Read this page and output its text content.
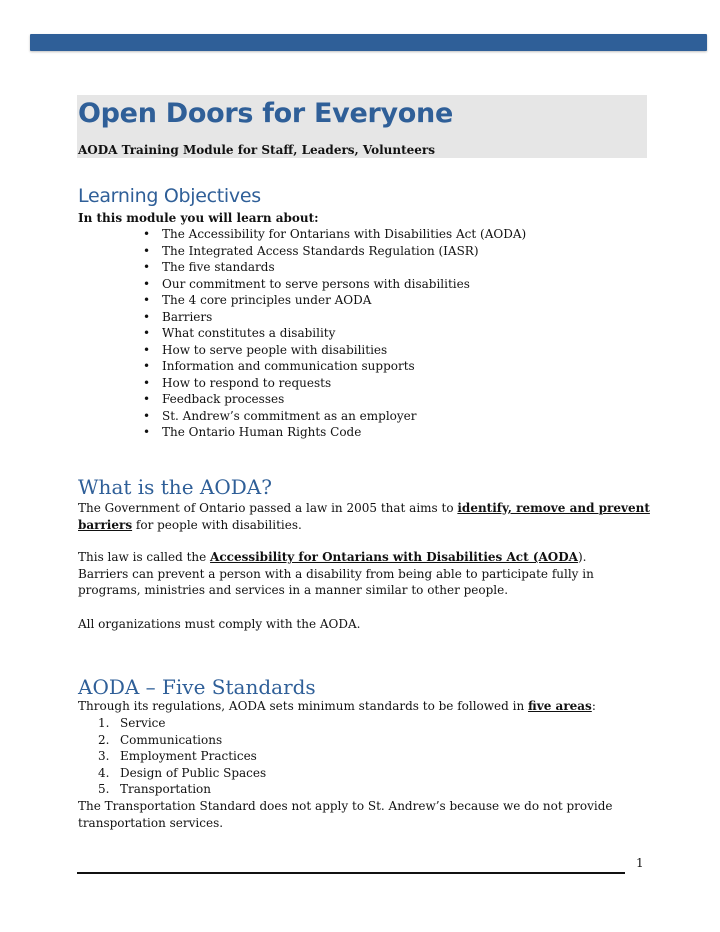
Open Doors for Everyone
AODA Training Module for Staff, Leaders, Volunteers
Learning Objectives
In this module you will learn about:
• The Accessibility for Ontarians with Disabilities Act (AODA)
• The Integrated Access Standards Regulation (IASR)
• The five standards
• Our commitment to serve persons with disabilities
• The 4 core principles under AODA
• Barriers
• What constitutes a disability
• How to serve people with disabilities
• Information and communication supports
• How to respond to requests
• Feedback processes
• St. Andrew’s commitment as an employer
• The Ontario Human Rights Code
What is the AODA?
The Government of Ontario passed a law in 2005 that aims to identify, remove and prevent
barriers for people with disabilities.
This law is called the Accessibility for Ontarians with Disabilities Act (AODA).
Barriers can prevent a person with a disability from being able to participate fully in
programs, ministries and services in a manner similar to other people.
All organizations must comply with the AODA.
AODA – Five Standards
Through its regulations, AODA sets minimum standards to be followed in five areas:
1. Service
2. Communications
3. Employment Practices
4. Design of Public Spaces
5. Transportation
The Transportation Standard does not apply to St. Andrew’s because we do not provide
transportation services.
1
